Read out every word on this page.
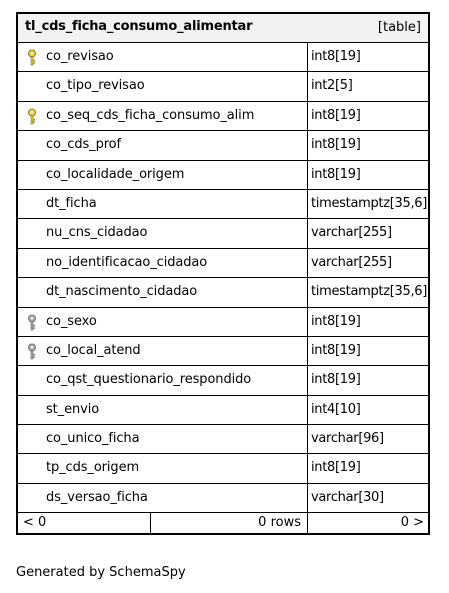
tl_cds_ficha_consumo_alimentar	[table]
co_revisao	int8[19]
co_tipo_revisao	int2[5]
co_seq_cds_ficha_consumo_alim	int8[19]
co_cds_prof	int8[19]
co_localidade_origem	int8[19]
dt_ficha	timestamptz[35,6]
nu_cns_cidadao	varchar[255]
no_identificacao_cidadao	varchar[255]
dt_nascimento_cidadao	timestamptz[35,6]
co_sexo	int8[19]
co_local_atend	int8[19]
co_qst_questionario_respondido	int8[19]
st_envio	int4[10]
co_unico_ficha	varchar[96]
tp_cds_origem	int8[19]
ds_versao_ficha	varchar[30]
< 0	0 rows	0 >
Generated by SchemaSpy
